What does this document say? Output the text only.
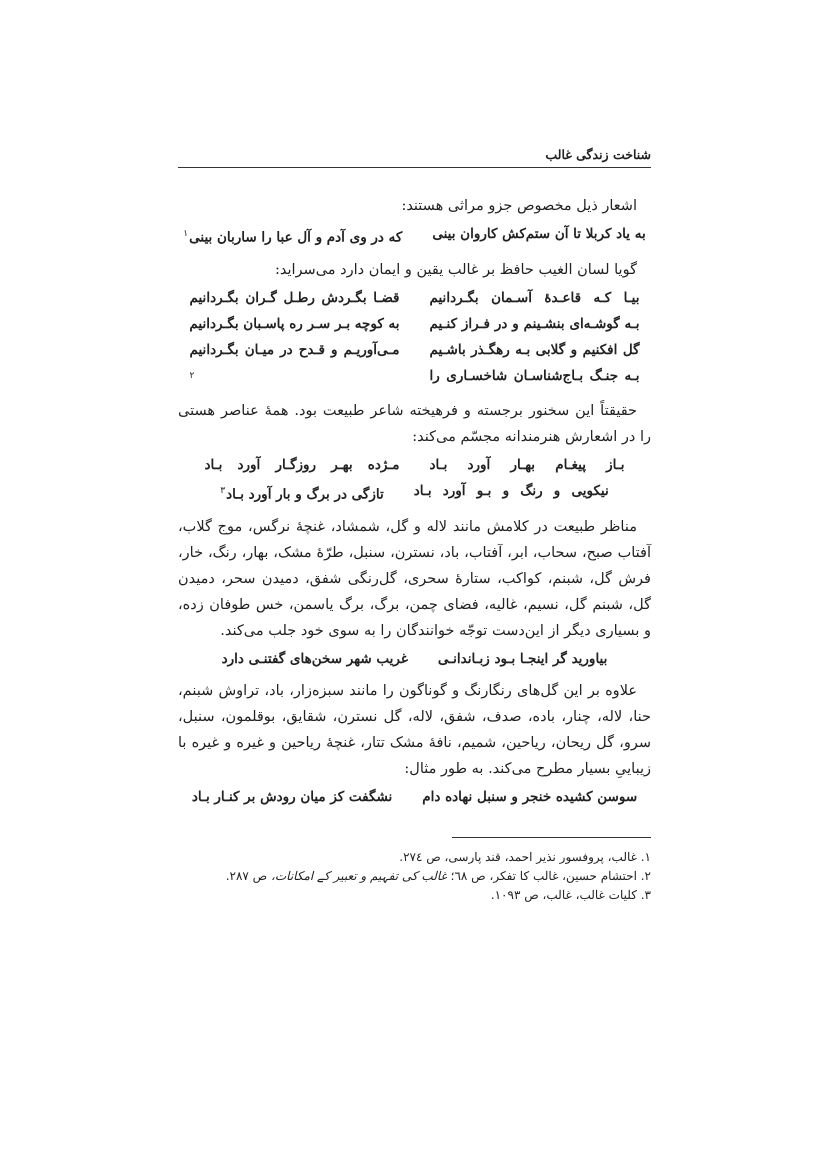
شناخت زندگی غالب

اشعار ذیل مخصوص جزو مراثی هستند:

به یاد کربلا تا آن ستم‌کش کاروان بینی
که در وی آدم و آل عبا را ساربان بینی$^۱$

گویا لسان الغیب حافظ بر غالب یقین و ایمان دارد می‌سراید:

بیـا کـه قاعـدهٔ آسـمان بگـردانیم
قضـا بگـردش رطـل گـران بگـردانیم
بـه گوشـه‌ای بنشـینم و در فـراز کنـیم
به کوچه بـر سـر ره پاسـبان بگـردانیم
گل افکنیم و گلابی بـه رهگـذر باشـیم
مـی‌آوریـم و قـدح در میـان بگـردانیم
بـه جنـگ بـاج‌شناسـان شاخسـاری را
$^۲$

حقیقتاً این سخنور برجسته و فرهیخته شاعر طبیعت بود. همهٔ عناصر هستی را در اشعارش هنرمندانه مجسّم می‌کند:

بـاز پیغـام بهـار آورد بـاد
مـژده بهـر روزگـار آورد بـاد
نیکویی و رنگ و بـو آورد بـاد
تازگی در برگ و بار آورد بـاد$^۳$

مناظر طبیعت در کلامش مانند لاله و گل، شمشاد، غنچهٔ نرگس، موج گلاب، آفتاب صبح، سحاب، ابر، آفتاب، باد، نسترن، سنبل، طرّهٔ مشک، بهار، رنگ، خار، فرش گل، شبنم، کواکب، ستارهٔ سحری، گل‌رنگی شفق، دمیدن سحر، دمیدن گل، شبنم گل، نسیم، غالیه، فضای چمن، برگ، برگ یاسمن، خس طوفان زده، و بسیاری دیگر از این‌دست توجّه خوانندگان را به سوی خود جلب می‌کند.

بیاورید گر اینجـا بـود زبـاندانـی
غریب شهر سخن‌های گفتنـی دارد

علاوه بر این گل‌های رنگارنگ و گوناگون را مانند سبزه‌زار، باد، تراوش شبنم، حنا، لاله، چنار، باده، صدف، شفق، لاله، گل نسترن، شقایق، بوقلمون، سنبل، سرو، گل ریحان، ریاحین، شمیم، نافهٔ مشک تتار، غنچهٔ ریاحین و غیره و غیره با زیباییِ بسیار مطرح می‌کند. به طور مثال:

سوسن کشیده خنجر و سنبل نهاده دام
نشگفت کز میان رودش بر کنـار بـاد
۱. غالب، پروفسور نذیر احمد، قند پارسی، ص ۲۷٤.
۲. احتشام حسین، غالب کا تفکر، ص ٦۸؛ غالب کی تفہیم و تعبیر کے امکانات، ص ۲۸۷.
۳. کلیات غالب، غالب، ص ۱۰۹۳.
